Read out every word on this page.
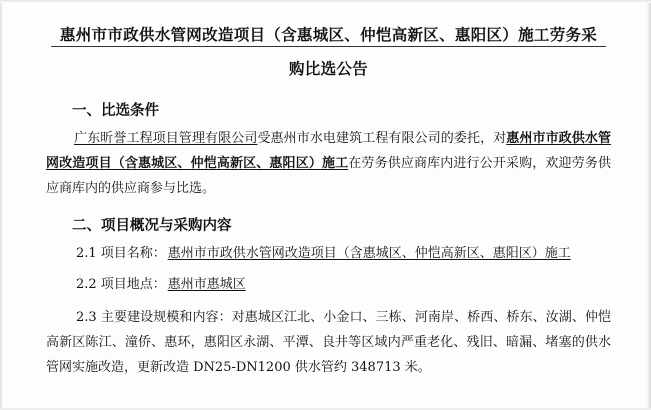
惠州市市政供水管网改造项目（含惠城区、仲恺高新区、惠阳区）施工劳务采
购比选公告
一、比选条件
广东昕誉工程项目管理有限公司受惠州市水电建筑工程有限公司的委托，对惠州市市政供水管网改造项目（含惠城区、仲恺高新区、惠阳区）施工在劳务供应商库内进行公开采购，欢迎劳务供应商库内的供应商参与比选。
二、项目概况与采购内容
2.1 项目名称： 惠州市市政供水管网改造项目（含惠城区、仲恺高新区、惠阳区）施工
2.2 项目地点： 惠州市惠城区
2.3 主要建设规模和内容：对惠城区江北、小金口、三栋、河南岸、桥西、桥东、汝湖、仲恺高新区陈江、潼侨、惠环，惠阳区永湖、平潭、良井等区域内严重老化、残旧、暗漏、堵塞的供水管网实施改造，更新改造 DN25-DN1200 供水管约 348713 米。
